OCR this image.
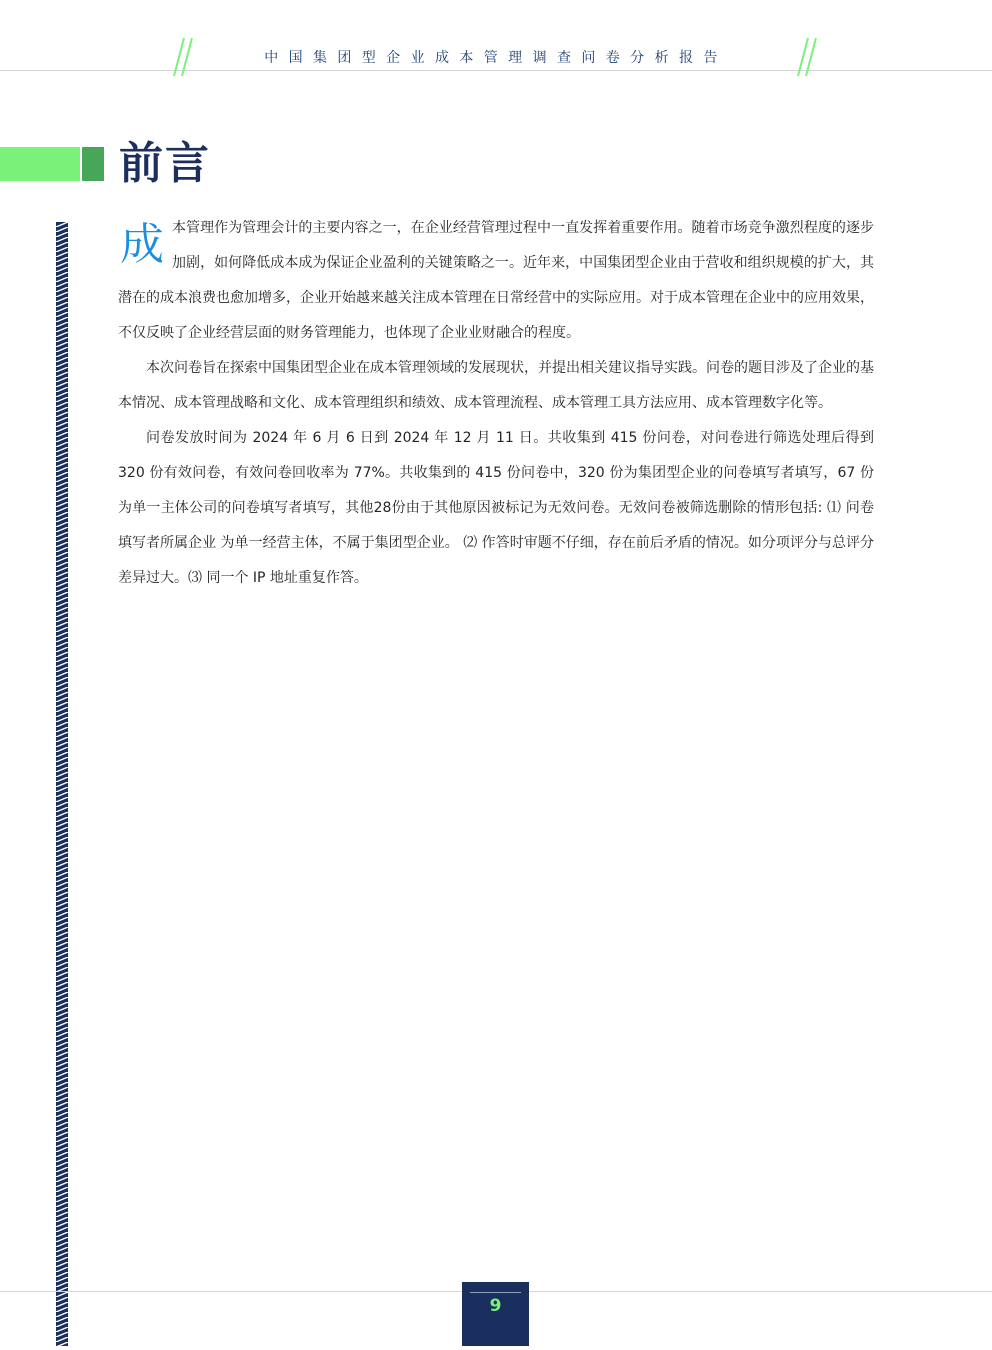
中国集团型企业成本管理调查问卷分析报告
前言

成本管理作为管理会计的主要内容之一，在企业经营管理过程中一直发挥着重要作用。随着市场竞争激烈程度的逐步加剧，如何降低成本成为保证企业盈利的关键策略之一。近年来，中国集团型企业由于营收和组织规模的扩大，其潜在的成本浪费也愈加增多，企业开始越来越关注成本管理在日常经营中的实际应用。对于成本管理在企业中的应用效果，不仅反映了企业经营层面的财务管理能力，也体现了企业业财融合的程度。

本次问卷旨在探索中国集团型企业在成本管理领域的发展现状，并提出相关建议指导实践。问卷的题目涉及了企业的基本情况、成本管理战略和文化、成本管理组织和绩效、成本管理流程、成本管理工具方法应用、成本管理数字化等。

问卷发放时间为 2024 年 6 月 6 日到 2024 年 12 月 11 日。共收集到 415 份问卷，对问卷进行筛选处理后得到 320 份有效问卷，有效问卷回收率为 77%。共收集到的 415 份问卷中，320 份为集团型企业的问卷填写者填写，67 份为单一主体公司的问卷填写者填写，其他28份由于其他原因被标记为无效问卷。无效问卷被筛选删除的情形包括: ⑴ 问卷填写者所属企业 为单一经营主体，不属于集团型企业。 ⑵ 作答时审题不仔细，存在前后矛盾的情况。如分项评分与总评分差异过大。⑶ 同一个 IP 地址重复作答。

9
